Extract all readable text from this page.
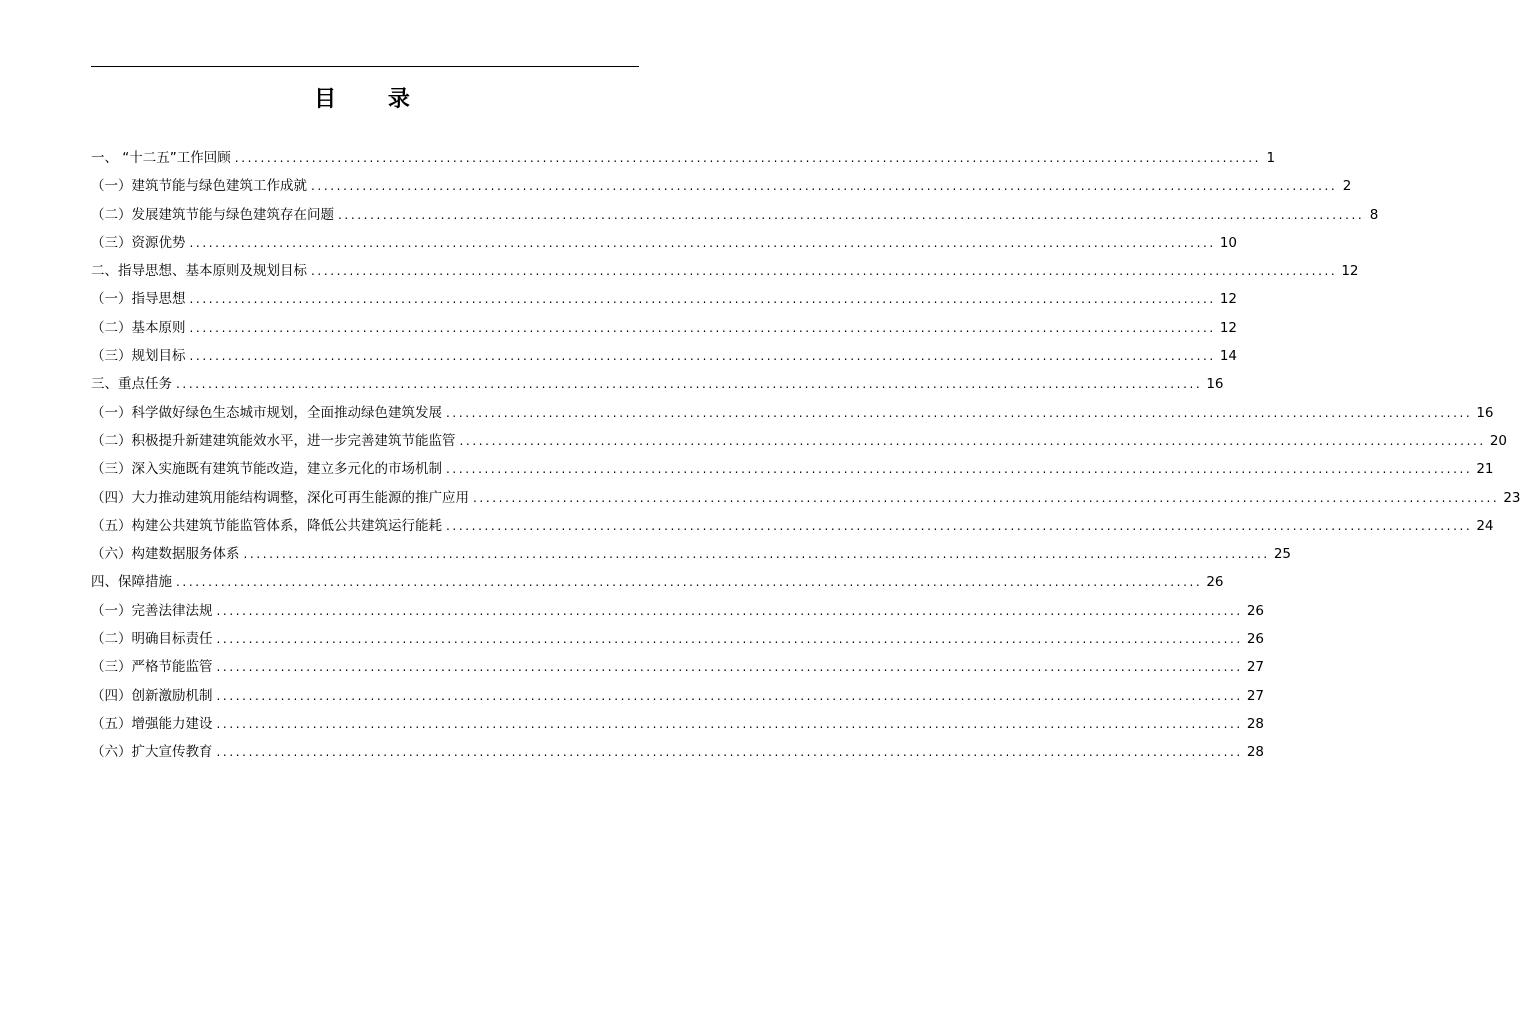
目 录
一、 “十二五”工作回顾 ................................................................................................................................................................ 1
（一）建筑节能与绿色建筑工作成就 ................................................................................................................................................................ 2
（二）发展建筑节能与绿色建筑存在问题 ................................................................................................................................................................ 8
（三）资源优势 ................................................................................................................................................................ 10
二、指导思想、基本原则及规划目标 ................................................................................................................................................................ 12
（一）指导思想 ................................................................................................................................................................ 12
（二）基本原则 ................................................................................................................................................................ 12
（三）规划目标 ................................................................................................................................................................ 14
三、重点任务 ................................................................................................................................................................ 16
（一）科学做好绿色生态城市规划，全面推动绿色建筑发展 ................................................................................................................................................................ 16
（二）积极提升新建建筑能效水平，进一步完善建筑节能监管 ................................................................................................................................................................ 20
（三）深入实施既有建筑节能改造，建立多元化的市场机制 ................................................................................................................................................................ 21
（四）大力推动建筑用能结构调整，深化可再生能源的推广应用 ................................................................................................................................................................ 23
（五）构建公共建筑节能监管体系，降低公共建筑运行能耗 ................................................................................................................................................................ 24
（六）构建数据服务体系 ................................................................................................................................................................ 25
四、保障措施 ................................................................................................................................................................ 26
（一）完善法律法规 ................................................................................................................................................................ 26
（二）明确目标责任 ................................................................................................................................................................ 26
（三）严格节能监管 ................................................................................................................................................................ 27
（四）创新激励机制 ................................................................................................................................................................ 27
（五）增强能力建设 ................................................................................................................................................................ 28
（六）扩大宣传教育 ................................................................................................................................................................ 28
